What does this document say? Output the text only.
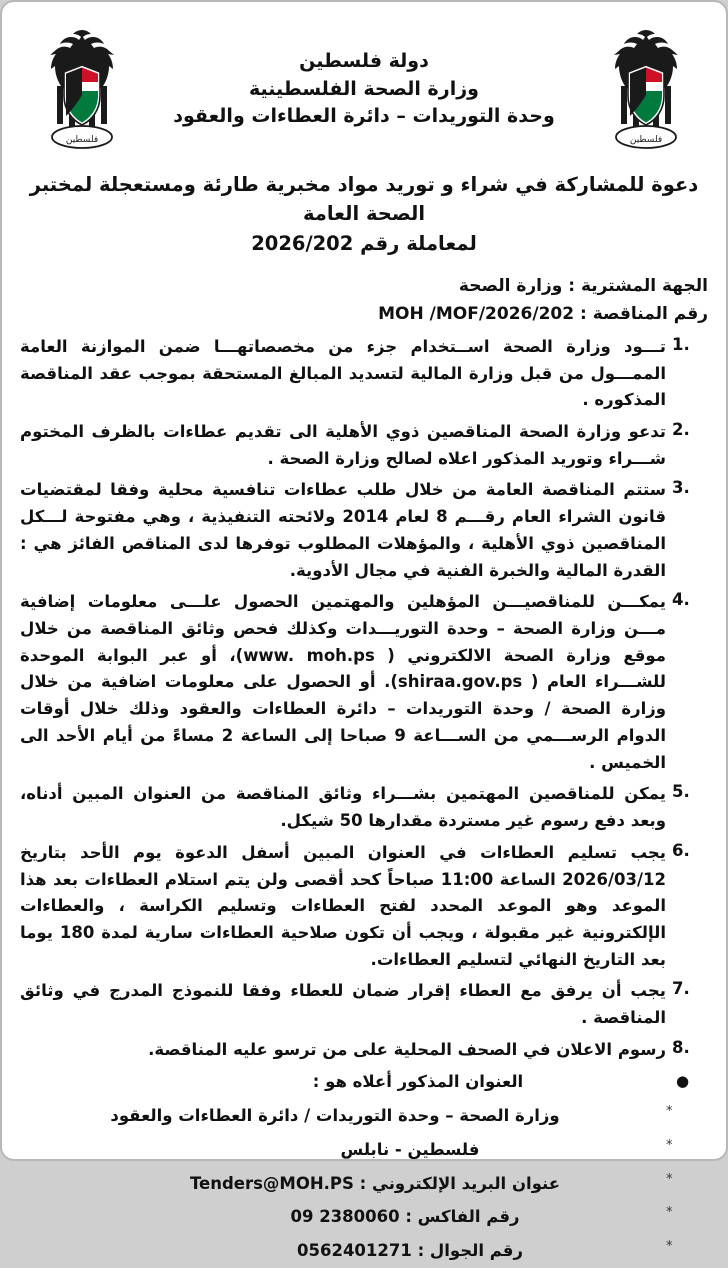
فلسطين
فلسطين
دولة فلسطين
وزارة الصحة الفلسطينية
وحدة التوريدات – دائرة العطاءات والعقود
دعوة للمشاركة في شراء و توريد مواد مخبرية طارئة ومستعجلة لمختبر الصحة العامة
لمعاملة رقم 2026/202
الجهة المشترية : وزارة الصحة
رقم المناقصة : MOH /MOF/2026/202
1.
تـــود وزارة الصحة اســتخدام جزء من مخصصاتهـــا ضمن الموازنة العامة الممـــول من قبل وزارة المالية لتسديد المبالغ المستحقة بموجب عقد المناقصة المذكوره .
2.
تدعو وزارة الصحة المناقصين ذوي الأهلية الى تقديم عطاءات بالظرف المختوم شـــراء وتوريد المذكور اعلاه لصالح وزارة الصحة .
3.
ستتم المناقصة العامة من خلال طلب عطاءات تنافسية محلية وفقا لمقتضيات قانون الشراء العام رقـــم 8 لعام 2014 ولائحته التنفيذية ، وهي مفتوحة لـــكل المناقصين ذوي الأهلية ، والمؤهلات المطلوب توفرها لدى المناقص الفائز هي : القدرة المالية والخبرة الفنية في مجال الأدوية.
4.
يمكـــن للمناقصيـــن المؤهلين والمهتمين الحصول علـــى معلومات إضافية مـــن وزارة الصحة – وحدة التوريـــدات وكذلك فحص وثائق المناقصة من خلال موقع وزارة الصحة الالكتروني ( www. moh.ps)، أو عبر البوابة الموحدة للشـــراء العام ( shiraa.gov.ps). أو الحصول على معلومات اضافية من خلال وزارة الصحة / وحدة التوريدات – دائرة العطاءات والعقود وذلك خلال أوقات الدوام الرســـمي من الســـاعة 9 صباحا إلى الساعة 2 مساءً من أيام الأحد الى الخميس .
5.
يمكن للمناقصين المهتمين بشـــراء وثائق المناقصة من العنوان المبين أدناه، وبعد دفع رسوم غير مستردة مقدارها 50 شيكل.
6.
يجب تسليم العطاءات في العنوان المبين أسفل الدعوة يوم الأحد بتاريخ 2026/03/12 الساعة 11:00 صباحاً كحد أقصى ولن يتم استلام العطاءات بعد هذا الموعد وهو الموعد المحدد لفتح العطاءات وتسليم الكراسة ، والعطاءات الإلكترونية غير مقبولة ، ويجب أن تكون صلاحية العطاءات سارية لمدة 180 يوما بعد التاريخ النهائي لتسليم العطاءات.
7.
يجب أن يرفق مع العطاء إقرار ضمان للعطاء وفقا للنموذج المدرج في وثائق المناقصة .
8.
رسوم الاعلان في الصحف المحلية على من ترسو عليه المناقصة.
●
العنوان المذكور أعلاه هو :
*
وزارة الصحة – وحدة التوريدات / دائرة العطاءات والعقود
*
فلسطين - نابلس
*
عنوان البريد الإلكتروني : Tenders@MOH.PS
*
رقم الفاكس : 2380060 09
*
رقم الجوال : 0562401271
